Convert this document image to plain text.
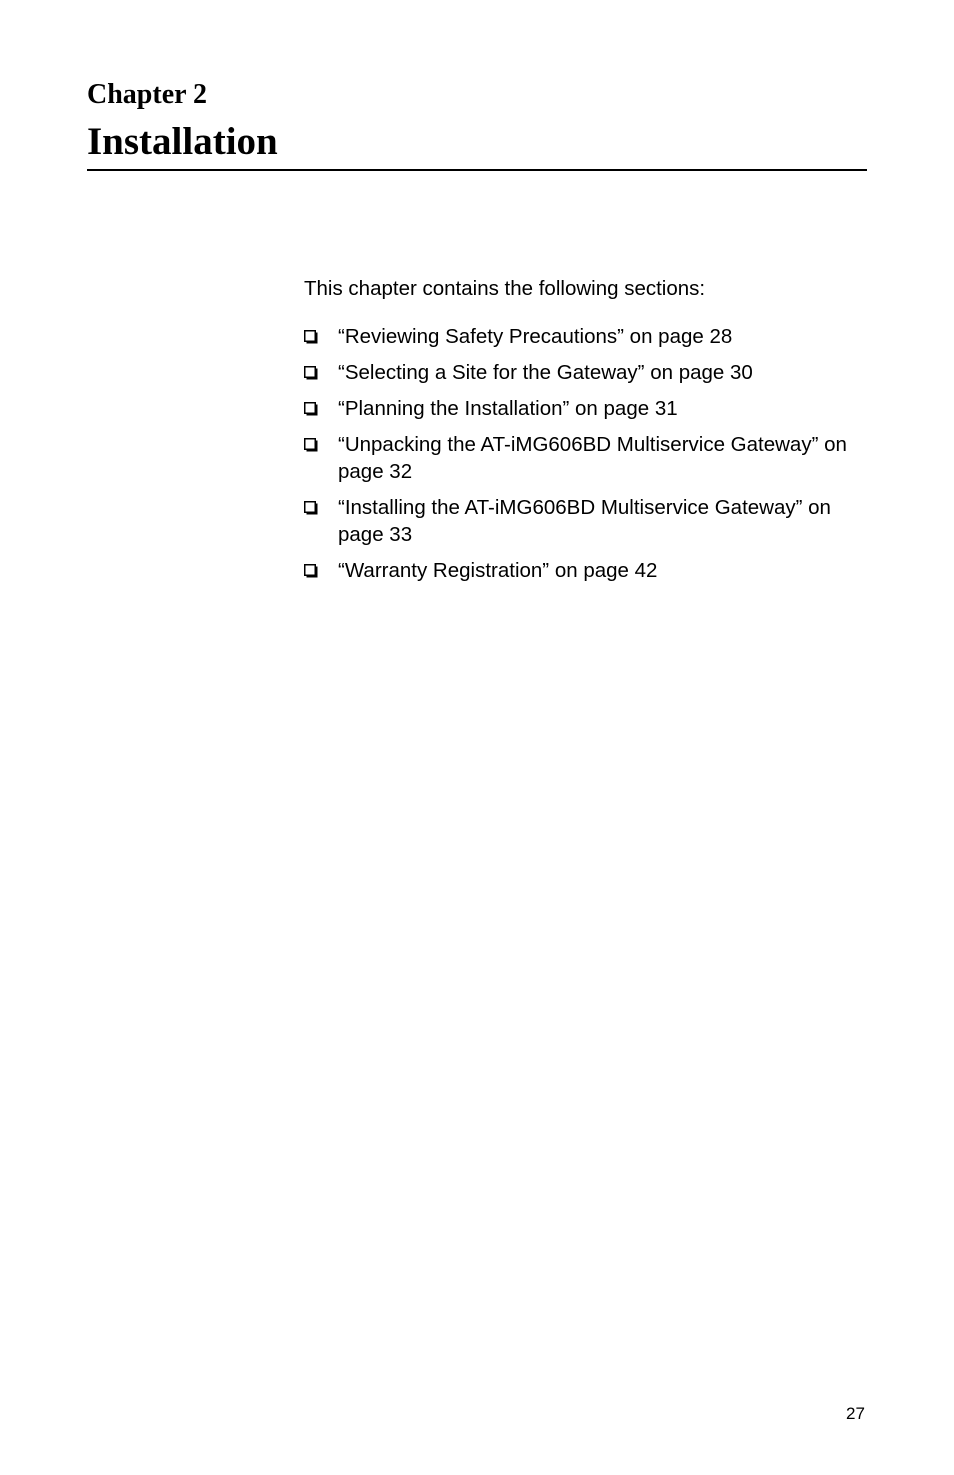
Chapter 2
Installation

This chapter contains the following sections:

“Reviewing Safety Precautions” on page 28
“Selecting a Site for the Gateway” on page 30
“Planning the Installation” on page 31
“Unpacking the AT-iMG606BD Multiservice Gateway” on page 32
“Installing the AT-iMG606BD Multiservice Gateway” on page 33
“Warranty Registration” on page 42
27
